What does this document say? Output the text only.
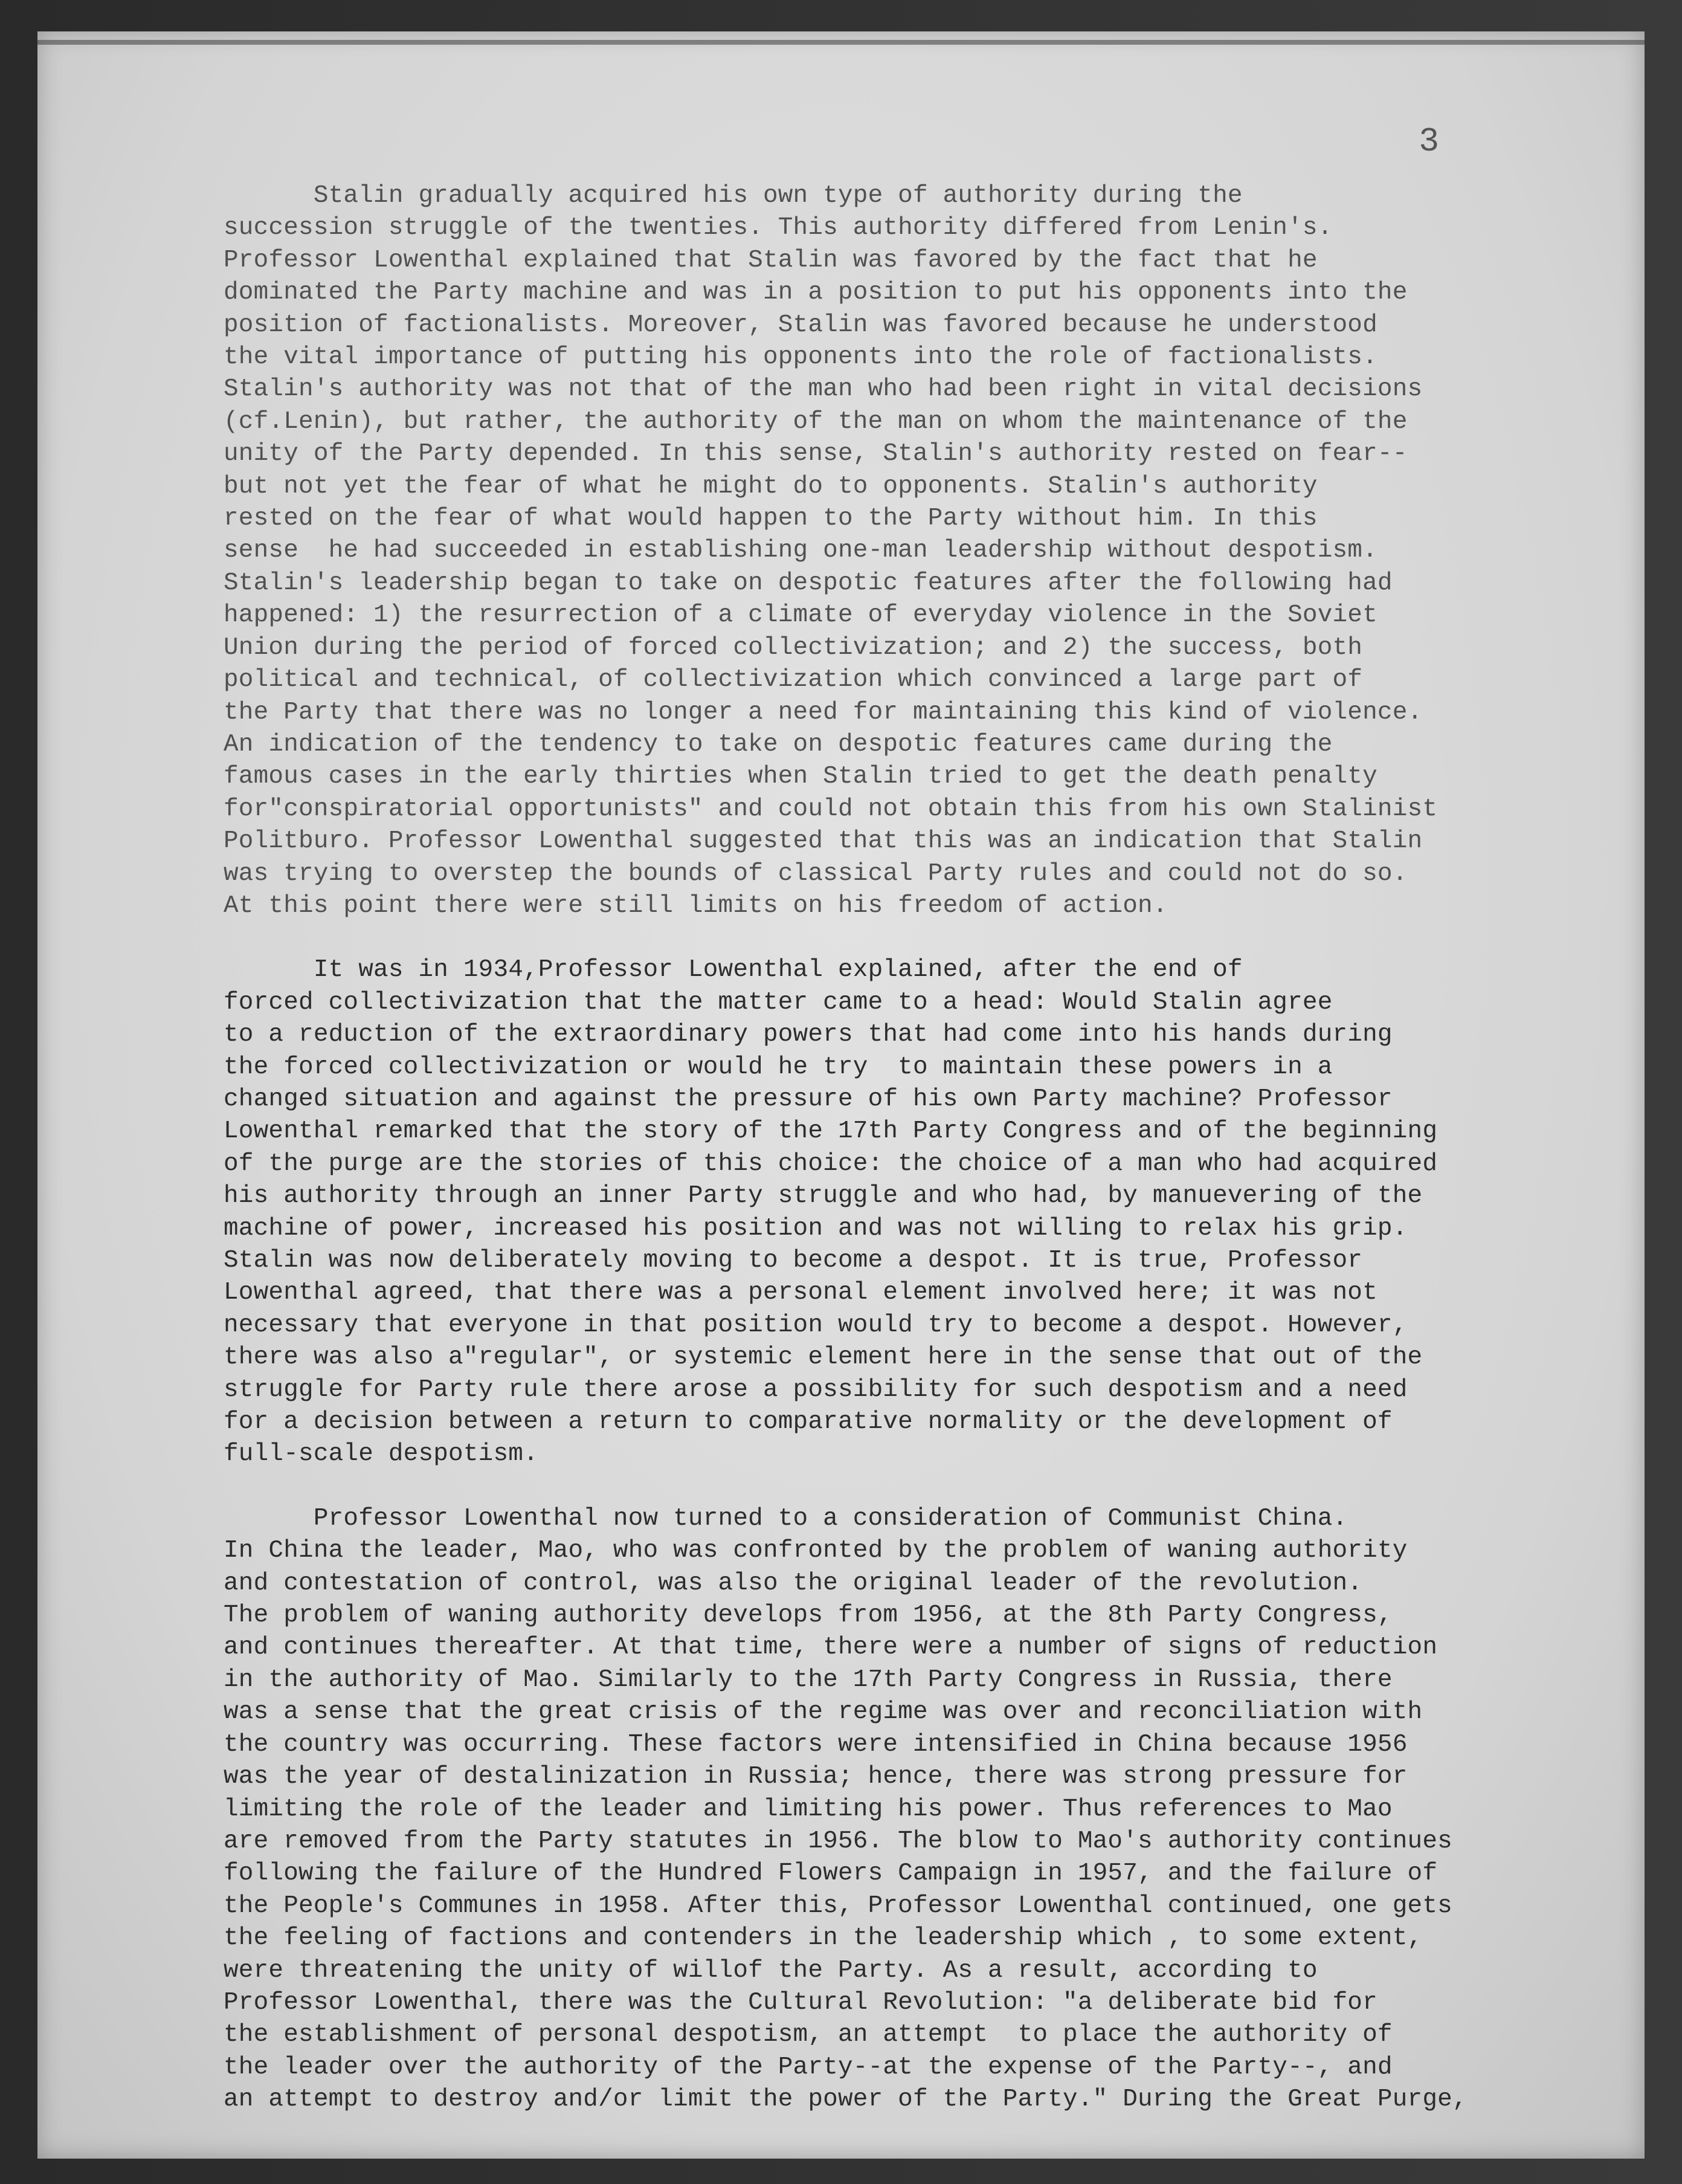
3
Stalin gradually acquired his own type of authority during the
succession struggle of the twenties. This authority differed from Lenin's.
Professor Lowenthal explained that Stalin was favored by the fact that he
dominated the Party machine and was in a position to put his opponents into the
position of factionalists. Moreover, Stalin was favored because he understood
the vital importance of putting his opponents into the role of factionalists.
Stalin's authority was not that of the man who had been right in vital decisions
(cf.Lenin), but rather, the authority of the man on whom the maintenance of the
unity of the Party depended. In this sense, Stalin's authority rested on fear--
but not yet the fear of what he might do to opponents. Stalin's authority
rested on the fear of what would happen to the Party without him. In this
sense  he had succeeded in establishing one-man leadership without despotism.
Stalin's leadership began to take on despotic features after the following had
happened: 1) the resurrection of a climate of everyday violence in the Soviet
Union during the period of forced collectivization; and 2) the success, both
political and technical, of collectivization which convinced a large part of
the Party that there was no longer a need for maintaining this kind of violence.
An indication of the tendency to take on despotic features came during the
famous cases in the early thirties when Stalin tried to get the death penalty
for"conspiratorial opportunists" and could not obtain this from his own Stalinist
Politburo. Professor Lowenthal suggested that this was an indication that Stalin
was trying to overstep the bounds of classical Party rules and could not do so.
At this point there were still limits on his freedom of action.
It was in 1934,Professor Lowenthal explained, after the end of
forced collectivization that the matter came to a head: Would Stalin agree
to a reduction of the extraordinary powers that had come into his hands during
the forced collectivization or would he try  to maintain these powers in a
changed situation and against the pressure of his own Party machine? Professor
Lowenthal remarked that the story of the 17th Party Congress and of the beginning
of the purge are the stories of this choice: the choice of a man who had acquired
his authority through an inner Party struggle and who had, by manuevering of the
machine of power, increased his position and was not willing to relax his grip.
Stalin was now deliberately moving to become a despot. It is true, Professor
Lowenthal agreed, that there was a personal element involved here; it was not
necessary that everyone in that position would try to become a despot. However,
there was also a"regular", or systemic element here in the sense that out of the
struggle for Party rule there arose a possibility for such despotism and a need
for a decision between a return to comparative normality or the development of
full-scale despotism.
Professor Lowenthal now turned to a consideration of Communist China.
In China the leader, Mao, who was confronted by the problem of waning authority
and contestation of control, was also the original leader of the revolution.
The problem of waning authority develops from 1956, at the 8th Party Congress,
and continues thereafter. At that time, there were a number of signs of reduction
in the authority of Mao. Similarly to the 17th Party Congress in Russia, there
was a sense that the great crisis of the regime was over and reconciliation with
the country was occurring. These factors were intensified in China because 1956
was the year of destalinization in Russia; hence, there was strong pressure for
limiting the role of the leader and limiting his power. Thus references to Mao
are removed from the Party statutes in 1956. The blow to Mao's authority continues
following the failure of the Hundred Flowers Campaign in 1957, and the failure of
the People's Communes in 1958. After this, Professor Lowenthal continued, one gets
the feeling of factions and contenders in the leadership which , to some extent,
were threatening the unity of willof the Party. As a result, according to
Professor Lowenthal, there was the Cultural Revolution: "a deliberate bid for
the establishment of personal despotism, an attempt  to place the authority of
the leader over the authority of the Party--at the expense of the Party--, and
an attempt to destroy and/or limit the power of the Party." During the Great Purge,
